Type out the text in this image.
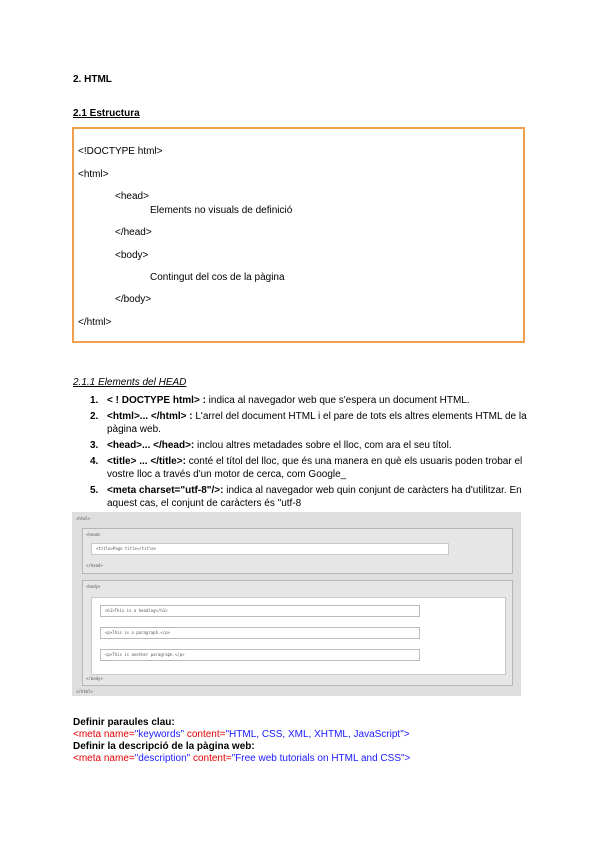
2. HTML
2.1 Estructura
<!DOCTYPE html>
<html>
<head>
Elements no visuals de definició
</head>
<body>
Contingut del cos de la pàgina
</body>
</html>
2.1.1 Elements del HEAD
1. < ! DOCTYPE html> : indica al navegador web que s'espera un document HTML.
2. <html>... </html> : L'arrel del document HTML i el pare de tots els altres elements HTML de la pàgina web.
3. <head>... </head>: inclou altres metadades sobre el lloc, com ara el seu títol.
4. <title> ... </title>: conté el títol del lloc, que és una manera en què els usuaris poden trobar el vostre lloc a través d'un motor de cerca, com Google_
5. <meta charset="utf-8"/>: indica al navegador web quin conjunt de caràcters ha d'utilitzar. En aquest cas, el conjunt de caràcters és "utf-8
<html>
<head>
<title>Page title</title>
</head>
<body>
<h1>This is a heading</h1>
<p>This is a paragraph.</p>
<p>This is another paragraph.</p>
</body>
</html>
Definir paraules clau:
<meta name="keywords" content="HTML, CSS, XML, XHTML, JavaScript">
Definir la descripció de la pàgina web:
<meta name="description" content="Free web tutorials on HTML and CSS">
